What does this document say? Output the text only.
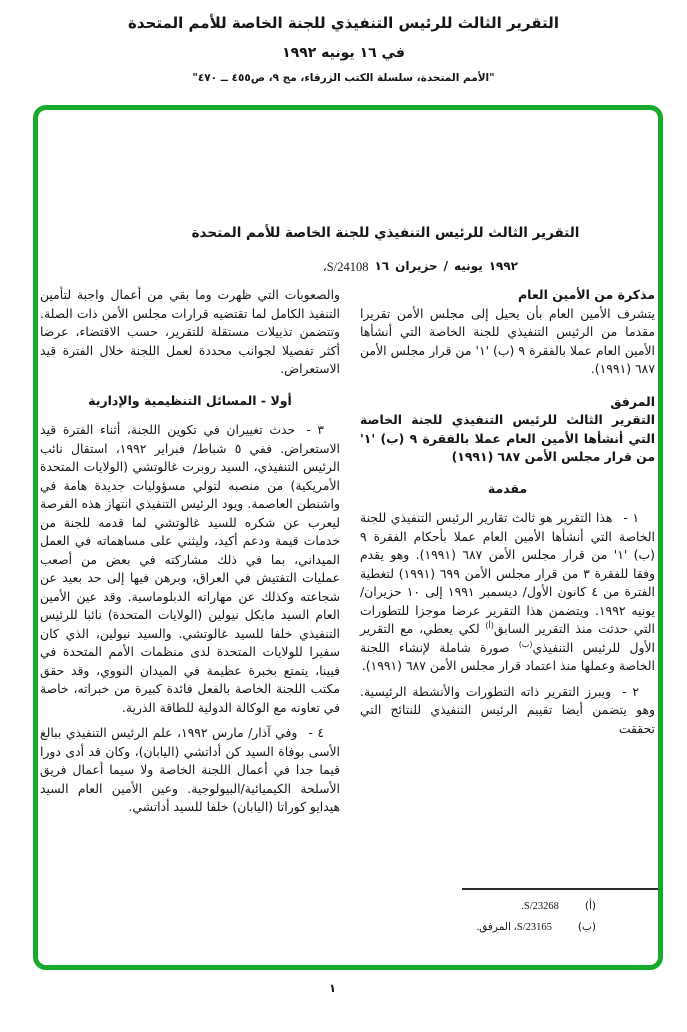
التقرير الثالث للرئيس التنفيذي للجنة الخاصة للأمم المتحدة
في ١٦ يونيه ١٩٩٢
"الأمم المتحدة، سلسلة الكتب الزرقاء، مج ٩، ص٤٥٥ ــ ٤٧٠"
التقرير الثالث للرئيس التنفيذي للجنة الخاصة للأمم المتحدة
S/24108، ١٦ حزيران / يونيه ١٩٩٢
مذكرة من الأمين العام

يتشرف الأمين العام بأن يحيل إلى مجلس الأمن تقريرا مقدما من الرئيس التنفيذي للجنة الخاصة التي أنشأها الأمين العام عملا بالفقرة ٩ (ب) '١' من قرار مجلس الأمن ٦٨٧ (١٩٩١).

المرفق

التقرير الثالث للرئيس التنفيذي للجنة الخاصة التي أنشأها الأمين العام عملا بالفقرة ٩ (ب) '١' من قرار مجلس الأمن ٦٨٧ (١٩٩١)

مقدمة

١ -هذا التقرير هو ثالث تقارير الرئيس التنفيذي للجنة الخاصة التي أنشأها الأمين العام عملا بأحكام الفقرة ٩ (ب) '١' من قرار مجلس الأمن ٦٨٧ (١٩٩١). وهو يقدم وفقا للفقرة ٣ من قرار مجلس الأمن ٦٩٩ (١٩٩١) لتغطية الفترة من ٤ كانون الأول/ ديسمبر ١٩٩١ إلى ١٠ حزيران/ يونيه ١٩٩٢. ويتضمن هذا التقرير عرضا موجزا للتطورات التي حدثت منذ التقرير السابق$^{(أ)}$ لكي يعطي، مع التقرير الأول للرئيس التنفيذي$^{(ب)}$ صورة شاملة لإنشاء اللجنة الخاصة وعملها منذ اعتماد قرار مجلس الأمن ٦٨٧ (١٩٩١).

٢ -ويبرز التقرير ذاته التطورات والأنشطة الرئيسية. وهو يتضمن أيضا تقييم الرئيس التنفيذي للنتائج التي تحققت

والصعوبات التي ظهرت وما بقي من أعمال واجبة لتأمين التنفيذ الكامل لما تقتضيه قرارات مجلس الأمن ذات الصلة. وتتضمن تذييلات مستقلة للتقرير، حسب الاقتضاء، عرضا أكثر تفصيلا لجوانب محددة لعمل اللجنة خلال الفترة قيد الاستعراض.

أولا - المسائل التنظيمية والإدارية

٣ -حدث تغييران في تكوين اللجنة، أثناء الفترة قيد الاستعراض. ففي ٥ شباط/ فبراير ١٩٩٢، استقال نائب الرئيس التنفيذي، السيد روبرت غالوتشي (الولايات المتحدة الأمريكية) من منصبه لتولي مسؤوليات جديدة هامة في واشنطن العاصمة. ويود الرئيس التنفيذي انتهاز هذه الفرصة ليعرب عن شكره للسيد غالوتشي لما قدمه للجنة من خدمات قيمة ودعم أكيد، وليثني على مساهماته في العمل الميداني، بما في ذلك مشاركته في بعض من أصعب عمليات التفتيش في العراق، وبرهن فيها إلى حد بعيد عن شجاعته وكذلك عن مهاراته الدبلوماسية. وقد عين الأمين العام السيد مايكل نيولين (الولايات المتحدة) نائبا للرئيس التنفيذي خلفا للسيد غالوتشي. والسيد نيولين، الذي كان سفيرا للولايات المتحدة لدى منظمات الأمم المتحدة في فيينا، يتمتع بخبرة عظيمة في الميدان النووي، وقد حقق مكتب اللجنة الخاصة بالفعل فائدة كبيرة من خبراته، خاصة في تعاونه مع الوكالة الدولية للطاقة الذرية.

٤ -وفي آذار/ مارس ١٩٩٢، علم الرئيس التنفيذي ببالغ الأسى بوفاة السيد كن أداتشي (اليابان)، وكان قد أدى دورا قيما جدا في أعمال اللجنة الخاصة ولا سيما أعمال فريق الأسلحة الكيميائية/البيولوجية. وعين الأمين العام السيد هيدايو كوراتا (اليابان) خلفا للسيد أداتشي.

(أ)S/23268.
(ب)S/23165، المرفق.
١
